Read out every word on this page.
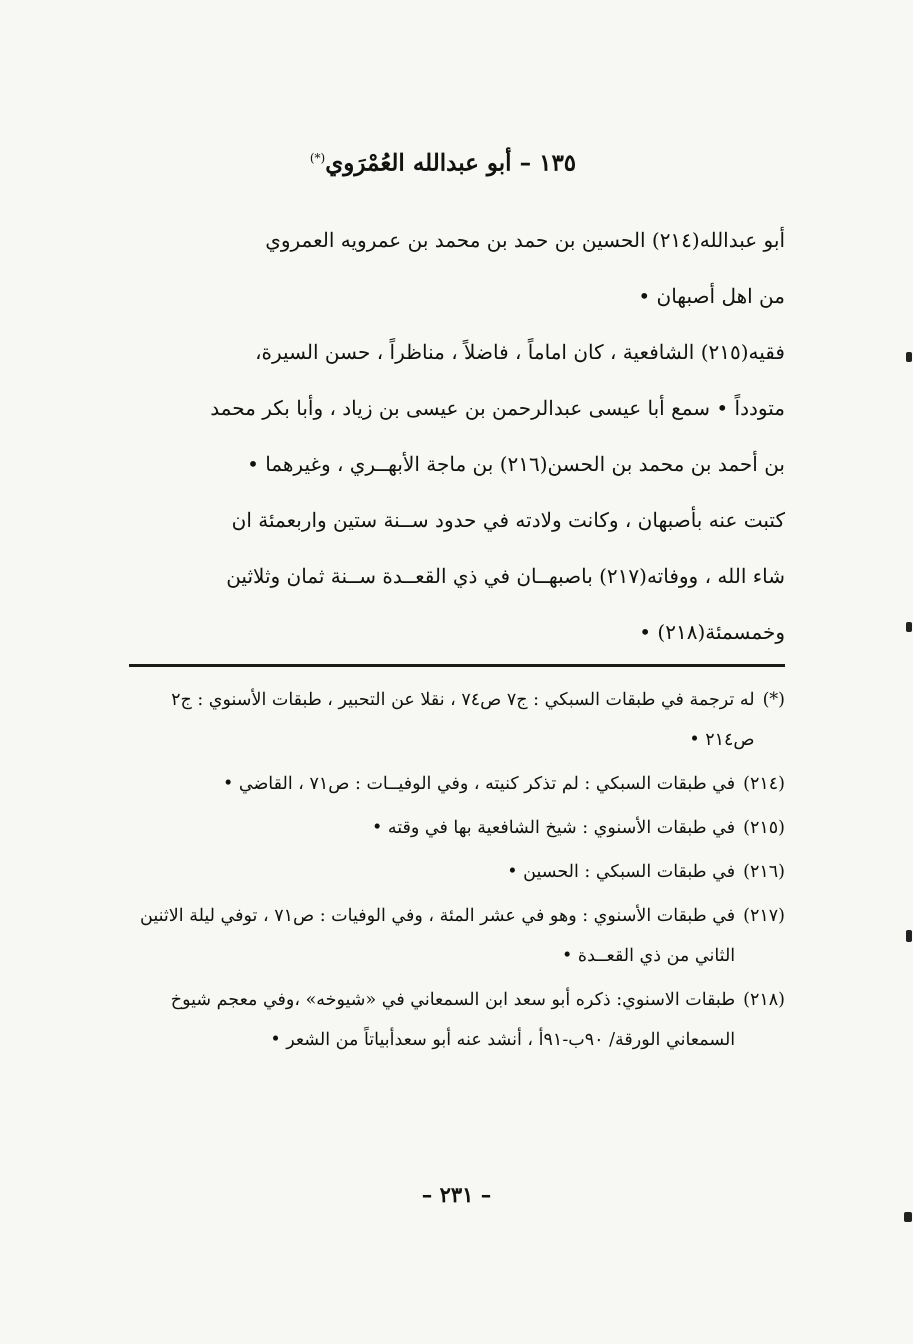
١٣٥ – أبو عبدالله العُمْرَوي(*)

أبو عبدالله(٢١٤) الحسين بن حمد بن محمد بن عمرويه العمروي

من اهل أصبهان •

فقيه(٢١٥) الشافعية ، كان اماماً ، فاضلاً ، مناظراً ، حسن السيرة،

متودداً • سمع أبا عيسى عبدالرحمن بن عيسى بن زياد ، وأبا بكر محمد

بن أحمد بن محمد بن الحسن(٢١٦) بن ماجة الأبهــري ، وغيرهما •

كتبت عنه بأصبهان ، وكانت ولادته في حدود ســنة ستين واربعمئة ان

شاء الله ، ووفاته(٢١٧) باصبهــان في ذي القعــدة ســنة ثمان وثلاثين

وخمسمئة(٢١٨) •

(*)
له ترجمة في طبقات السبكي : ج٧ ص٧٤ ، نقلا عن التحبير ، طبقات الأسنوي : ج٢ ص٢١٤ •
(٢١٤)
في طبقات السبكي : لم تذكر كنيته ، وفي الوفيــات : ص٧١ ، القاضي •
(٢١٥)
في طبقات الأسنوي : شيخ الشافعية بها في وقته •
(٢١٦)
في طبقات السبكي : الحسين •
(٢١٧)
في طبقات الأسنوي : وهو في عشر المئة ، وفي الوفيات : ص٧١ ، توفي ليلة الاثنين الثاني من ذي القعــدة •
(٢١٨)
طبقات الاسنوي: ذكره أبو سعد ابن السمعاني في «شيوخه» ،وفي معجم شيوخ السمعاني الورقة/ ٩٠ب-٩١أ ، أنشد عنه أبو سعدأبياتاً من الشعر •
– ٢٣١ –
